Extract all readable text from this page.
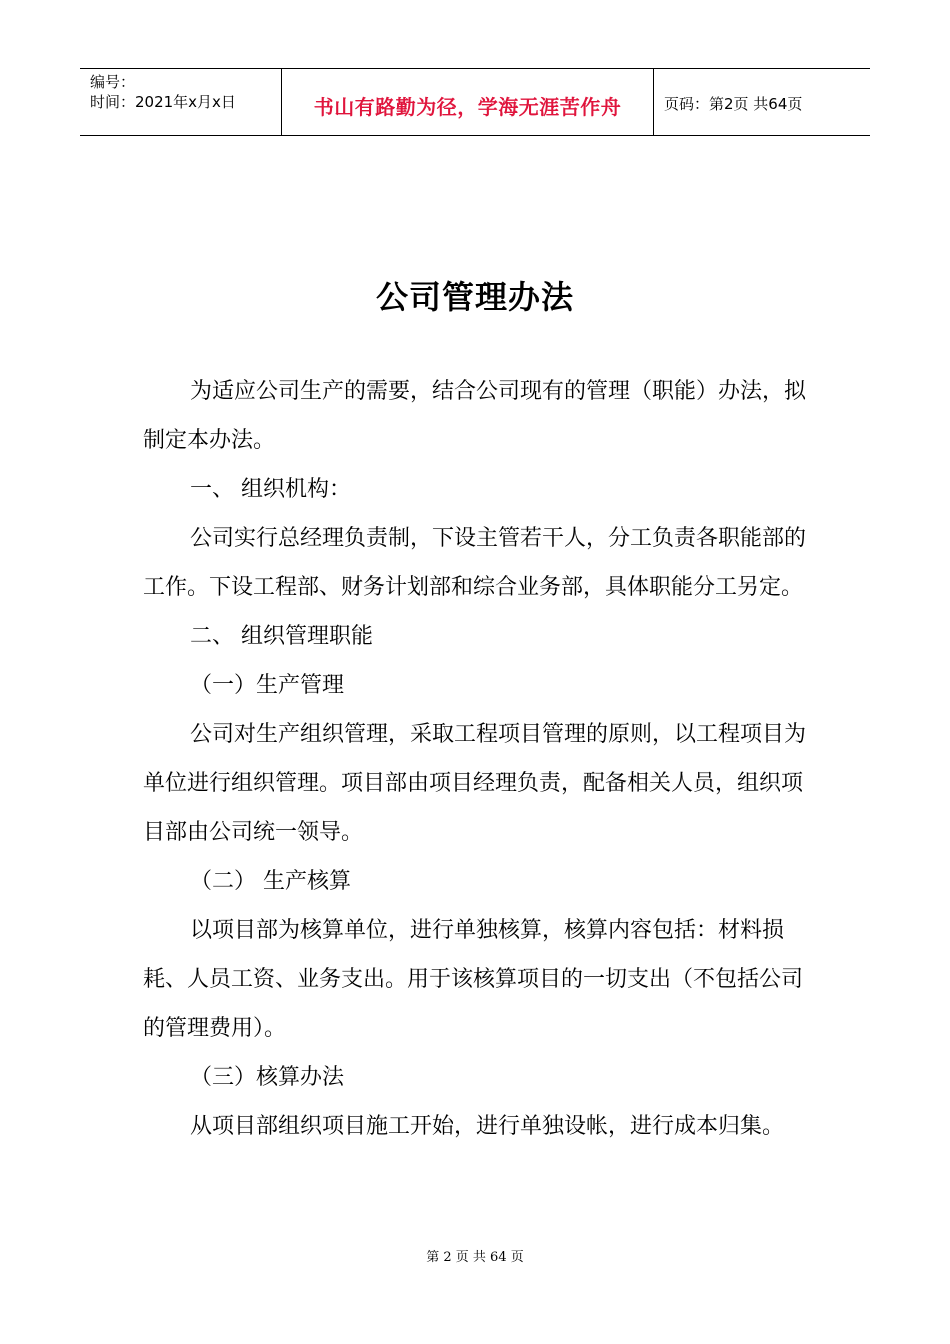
编号：
时间：2021年x月x日	书山有路勤为径，学海无涯苦作舟	页码：第2页 共64页
公司管理办法

为适应公司生产的需要，结合公司现有的管理（职能）办法，拟制定本办法。

一、 组织机构：

公司实行总经理负责制，下设主管若干人，分工负责各职能部的工作。下设工程部、财务计划部和综合业务部，具体职能分工另定。

二、 组织管理职能

（一）生产管理

公司对生产组织管理，采取工程项目管理的原则，以工程项目为单位进行组织管理。项目部由项目经理负责，配备相关人员，组织项目部由公司统一领导。

（二） 生产核算

以项目部为核算单位，进行单独核算，核算内容包括：材料损耗、人员工资、业务支出。用于该核算项目的一切支出（不包括公司的管理费用）。

（三）核算办法

从项目部组织项目施工开始，进行单独设帐，进行成本归集。

第 2 页 共 64 页
